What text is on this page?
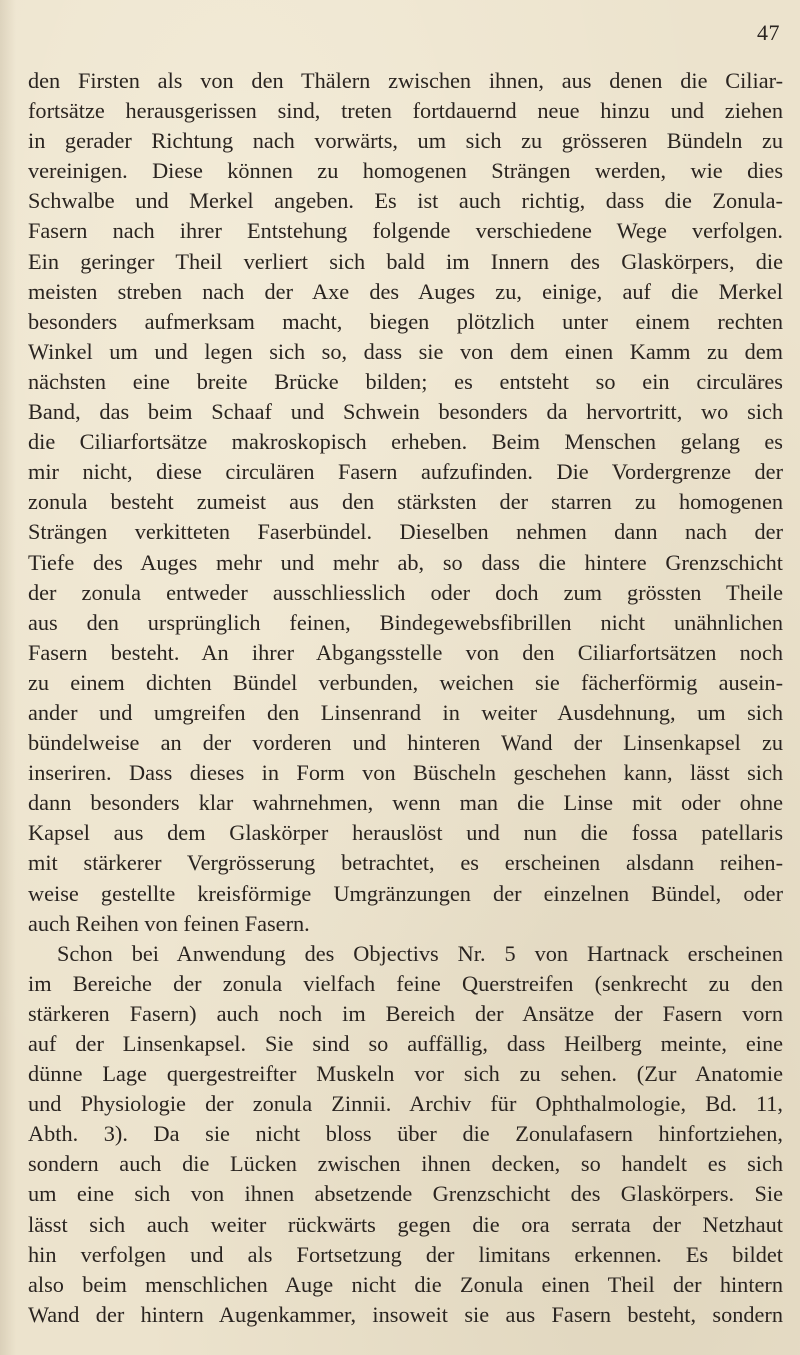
47
den Firsten als von den Thälern zwischen ihnen, aus denen die Ciliar-
fortsätze herausgerissen sind, treten fortdauernd neue hinzu und ziehen
in gerader Richtung nach vorwärts, um sich zu grösseren Bündeln zu
vereinigen. Diese können zu homogenen Strängen werden, wie dies
Schwalbe und Merkel angeben. Es ist auch richtig, dass die Zonula-
Fasern nach ihrer Entstehung folgende verschiedene Wege verfolgen.
Ein geringer Theil verliert sich bald im Innern des Glaskörpers, die
meisten streben nach der Axe des Auges zu, einige, auf die Merkel
besonders aufmerksam macht, biegen plötzlich unter einem rechten
Winkel um und legen sich so, dass sie von dem einen Kamm zu dem
nächsten eine breite Brücke bilden; es entsteht so ein circuläres
Band, das beim Schaaf und Schwein besonders da hervortritt, wo sich
die Ciliarfortsätze makroskopisch erheben. Beim Menschen gelang es
mir nicht, diese circulären Fasern aufzufinden. Die Vordergrenze der
zonula besteht zumeist aus den stärksten der starren zu homogenen
Strängen verkitteten Faserbündel. Dieselben nehmen dann nach der
Tiefe des Auges mehr und mehr ab, so dass die hintere Grenzschicht
der zonula entweder ausschliesslich oder doch zum grössten Theile
aus den ursprünglich feinen, Bindegewebsfibrillen nicht unähnlichen
Fasern besteht. An ihrer Abgangsstelle von den Ciliarfortsätzen noch
zu einem dichten Bündel verbunden, weichen sie fächerförmig ausein-
ander und umgreifen den Linsenrand in weiter Ausdehnung, um sich
bündelweise an der vorderen und hinteren Wand der Linsenkapsel zu
inseriren. Dass dieses in Form von Büscheln geschehen kann, lässt sich
dann besonders klar wahrnehmen, wenn man die Linse mit oder ohne
Kapsel aus dem Glaskörper herauslöst und nun die fossa patellaris
mit stärkerer Vergrösserung betrachtet, es erscheinen alsdann reihen-
weise gestellte kreisförmige Umgränzungen der einzelnen Bündel, oder
auch Reihen von feinen Fasern.
Schon bei Anwendung des Objectivs Nr. 5 von Hartnack erscheinen
im Bereiche der zonula vielfach feine Querstreifen (senkrecht zu den
stärkeren Fasern) auch noch im Bereich der Ansätze der Fasern vorn
auf der Linsenkapsel. Sie sind so auffällig, dass Heilberg meinte, eine
dünne Lage quergestreifter Muskeln vor sich zu sehen. (Zur Anatomie
und Physiologie der zonula Zinnii. Archiv für Ophthalmologie, Bd. 11,
Abth. 3). Da sie nicht bloss über die Zonulafasern hinfortziehen,
sondern auch die Lücken zwischen ihnen decken, so handelt es sich
um eine sich von ihnen absetzende Grenzschicht des Glaskörpers. Sie
lässt sich auch weiter rückwärts gegen die ora serrata der Netzhaut
hin verfolgen und als Fortsetzung der limitans erkennen. Es bildet
also beim menschlichen Auge nicht die Zonula einen Theil der hintern
Wand der hintern Augenkammer, insoweit sie aus Fasern besteht, sondern
